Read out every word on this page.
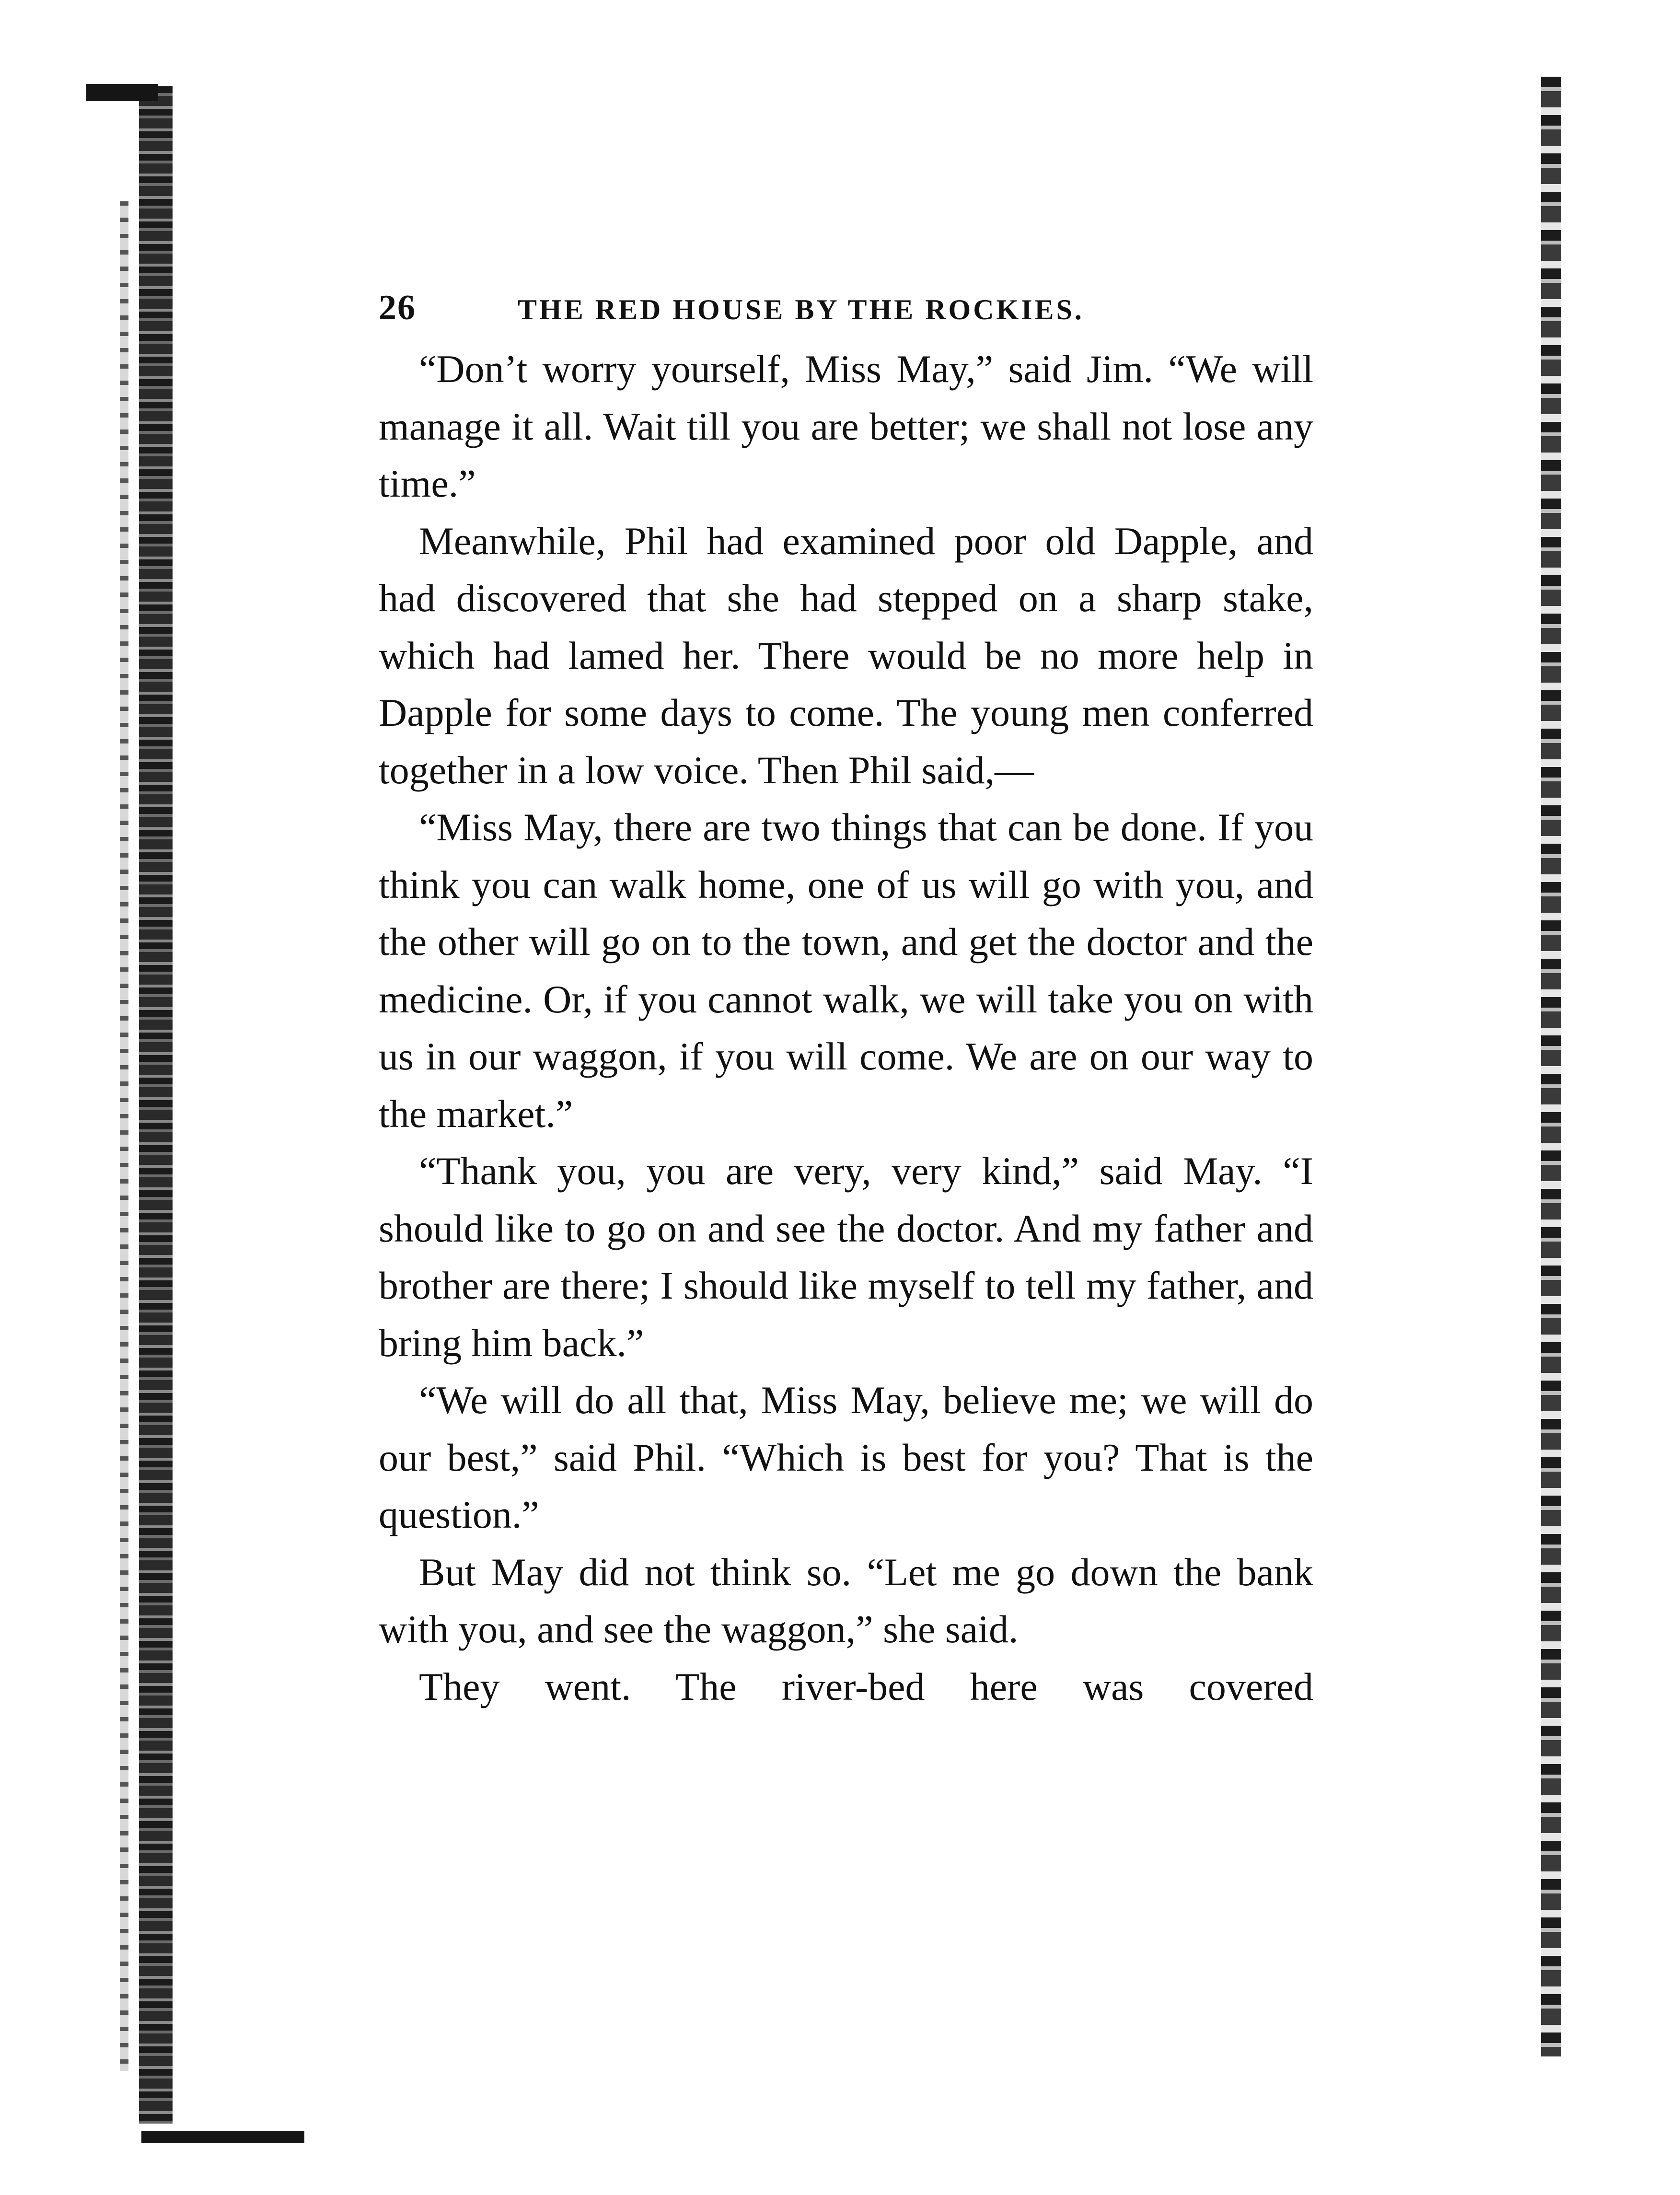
26	THE RED HOUSE BY THE ROCKIES.

“Don’t worry yourself, Miss May,” said Jim. “We will manage it all. Wait till you are better; we shall not lose any time.”

Meanwhile, Phil had examined poor old Dapple, and had discovered that she had stepped on a sharp stake, which had lamed her. There would be no more help in Dapple for some days to come. The young men conferred together in a low voice. Then Phil said,—

“Miss May, there are two things that can be done. If you think you can walk home, one of us will go with you, and the other will go on to the town, and get the doctor and the medicine. Or, if you cannot walk, we will take you on with us in our waggon, if you will come. We are on our way to the market.”

“Thank you, you are very, very kind,” said May. “I should like to go on and see the doctor. And my father and brother are there; I should like myself to tell my father, and bring him back.”

“We will do all that, Miss May, believe me; we will do our best,” said Phil. “Which is best for you? That is the question.”

But May did not think so. “Let me go down the bank with you, and see the waggon,” she said.

They went. The river-bed here was covered
